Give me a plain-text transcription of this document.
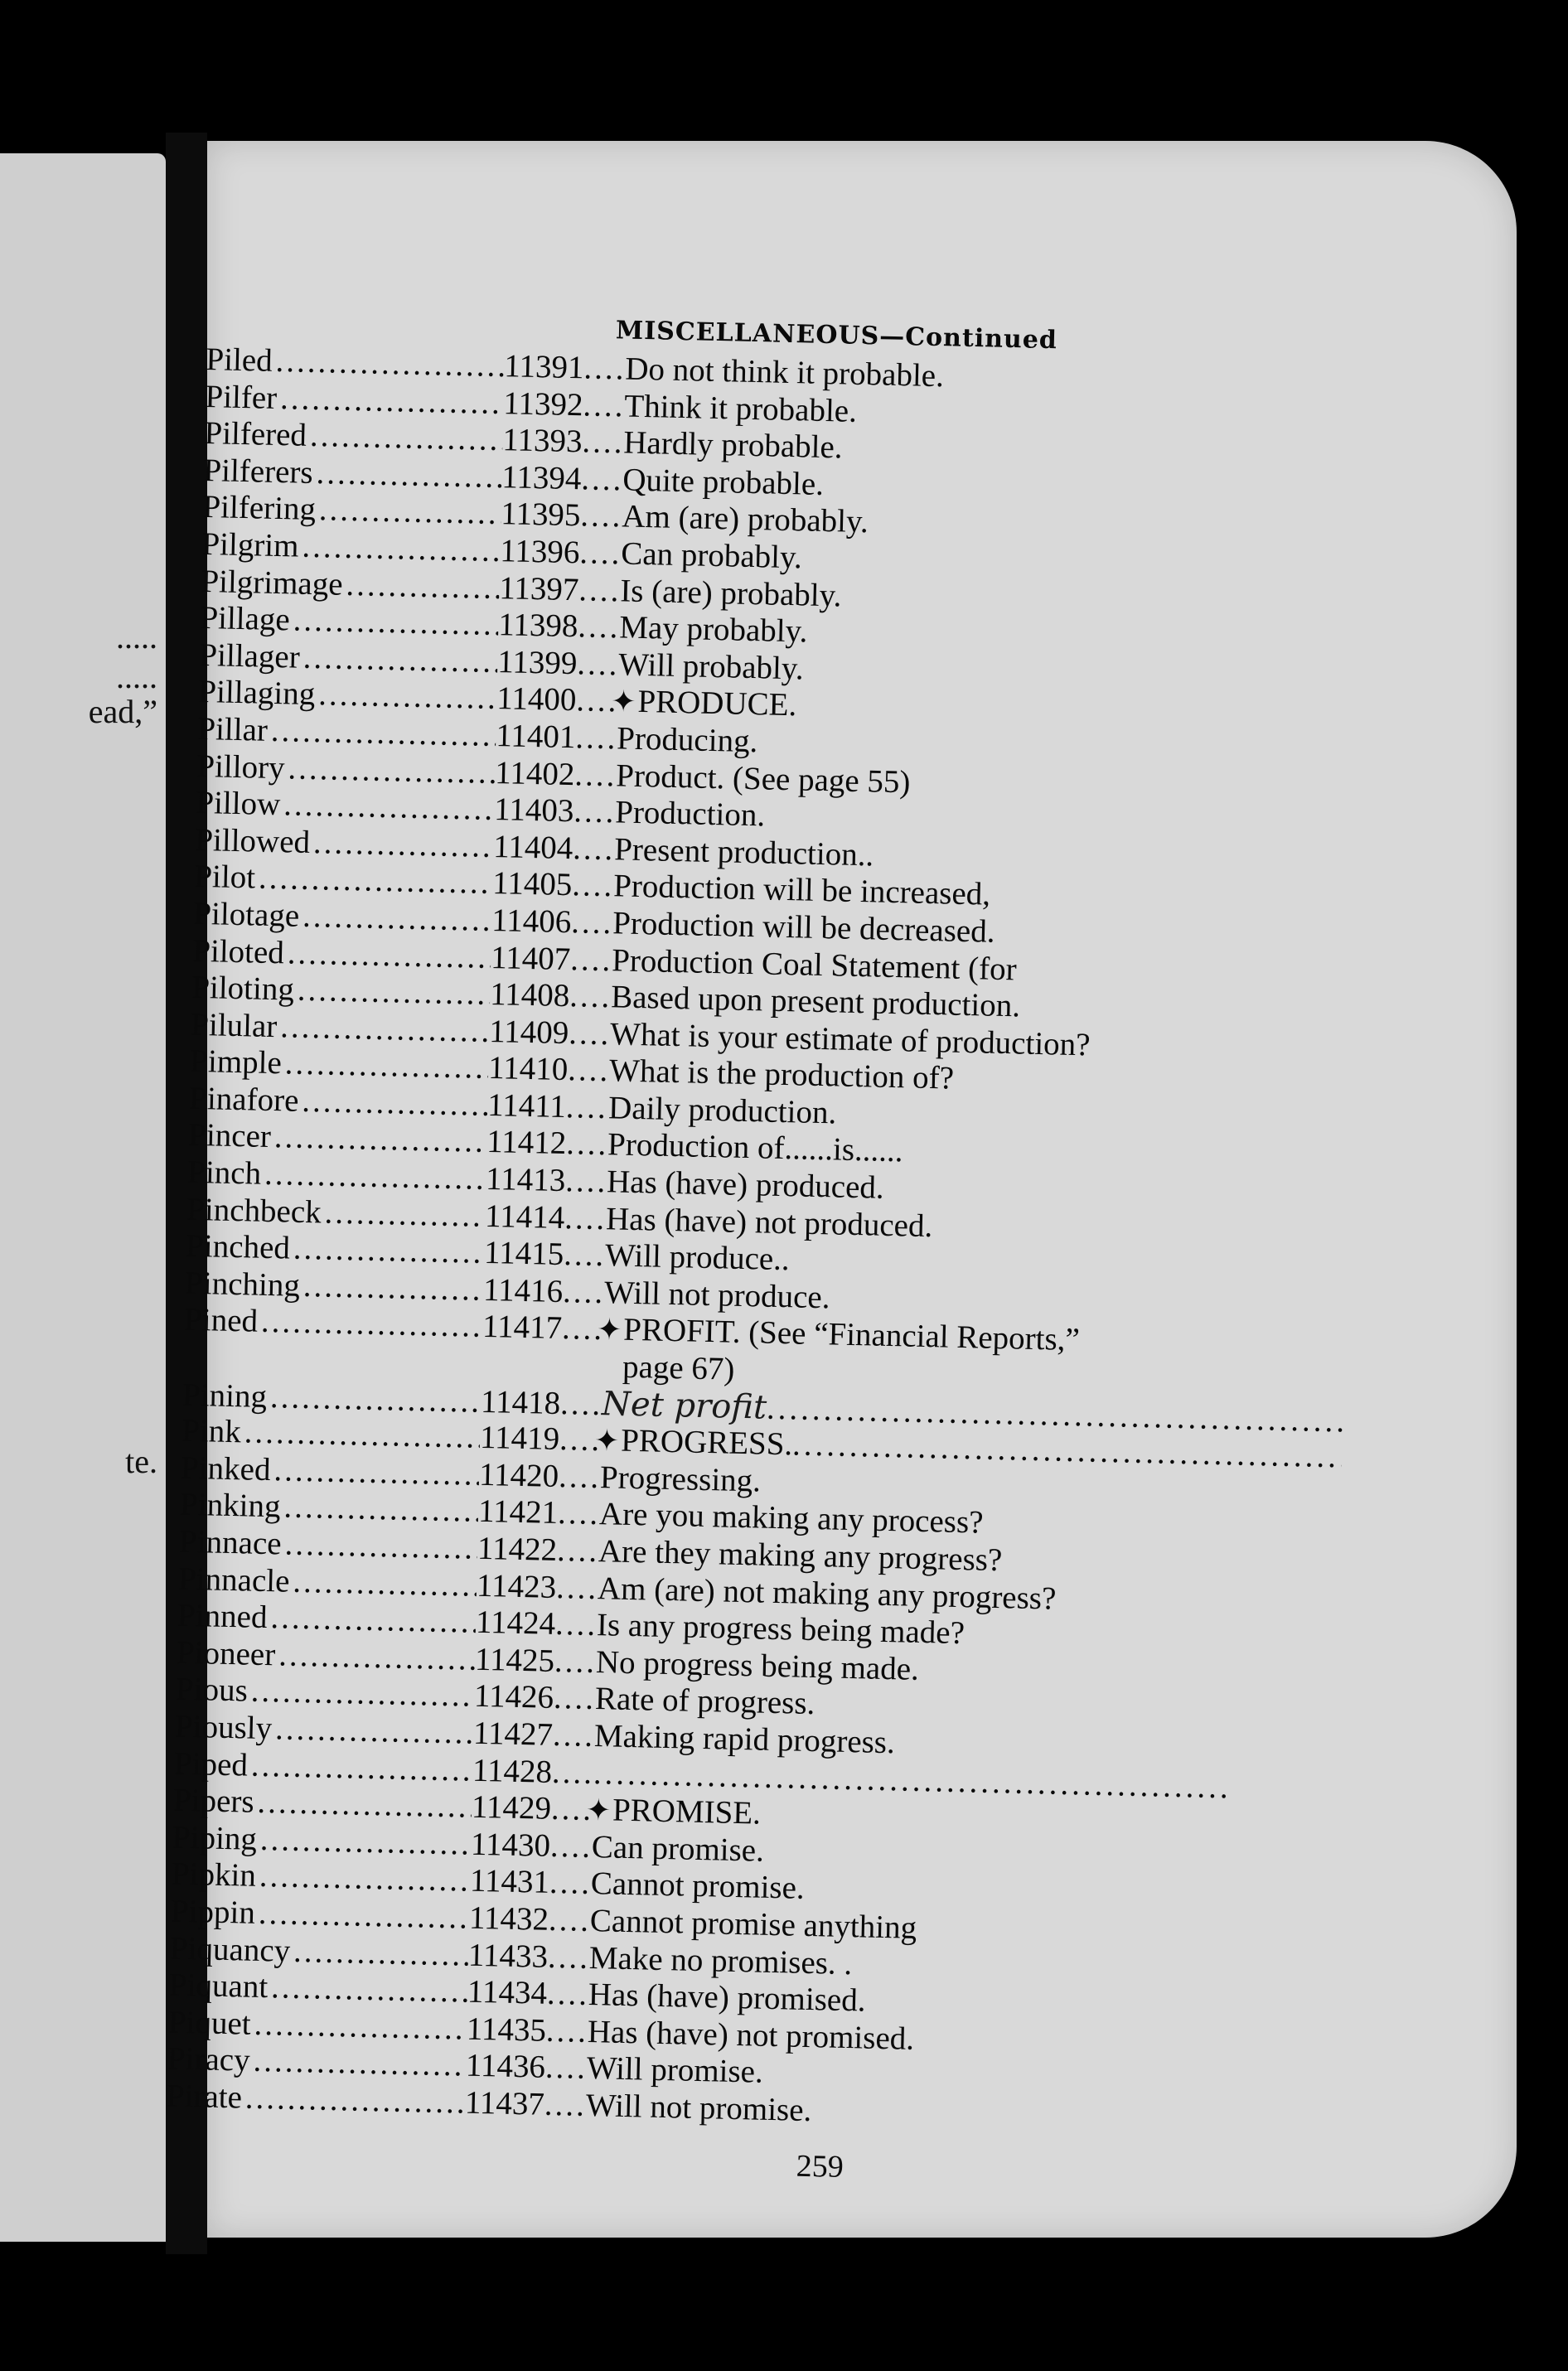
.....
.....
ead,”
te.
MISCELLANEOUS—Continued
Piled .....	11391 ........	Do not think it probable.
Pilfer .....	11392 ........	Think it probable.
Pilfered .....	11393 ........	Hardly probable.
Pilferers .....	11394 ........	Quite probable.
Pilfering .....	11395 ........	Am (are) probably.
Pilgrim .....	11396 ........	Can probably.
Pilgrimage .....	11397 ........	Is (are) probably.
Pillage .....	11398 ........	May probably.
Pillager .....	11399 ........	Will probably.
Pillaging .....	11400 ........	✦ PRODUCE.
Pillar .....	11401 ........	Producing.
Pillory .....	11402 ........	Product. (See page 55)
Pillow .....	11403 ........	Production.
Pillowed .....	11404 ........	Present production..
Pilot .....	11405 ........	Production will be increased,
Pilotage .....	11406 ........	Production will be decreased.
Piloted .....	11407 ........	Production Coal Statement (for
Piloting .....	11408 ........	Based upon present production.
Pilular .....	11409 ........	What is your estimate of production?
Pimple .....	11410 ........	What is the production of?
Pinafore .....	11411 ........	Daily production.
Pincer .....	11412 ........	Production of......is......
Pinch .....	11413 ........	Has (have) produced.
Pinchbeck .....	11414 ........	Has (have) not produced.
Pinched .....	11415 ........	Will produce..
Pinching .....	11416 ........	Will not produce.
Pined .....	11417 ........	✦ PROFIT. (See “Financial Reports,”
page 67)
Pining .....	11418 ........	Net profit
.....
Pink .....	11419 ........	✦ PROGRESS. .....
Pinked .....	11420 ........	Progressing.
Pinking .....	11421 ........	Are you making any process?
Pinnace .....	11422 ........	Are they making any progress?
Pinnacle .....	11423 ........	Am (are) not making any progress?
Pinned .....	11424 ........	Is any progress being made?
Pioneer .....	11425 ........	No progress being made.
Pious .....	11426 ........	Rate of progress.
Piously .....	11427 ........	Making rapid progress.
Piped .....	11428 ........
.....
Pipers .....	11429 ........	✦ PROMISE.
Piping .....	11430 ........	Can promise.
Pipkin .....	11431 ........	Cannot promise.
Pippin .....	11432 ........	Cannot promise anything
Piquancy .....	11433 ........	Make no promises. .
Piquant .....	11434 ........	Has (have) promised.
Piquet .....	11435 ........	Has (have) not promised.
Piracy .....	11436 ........	Will promise.
Pirate .....	11437 ........	Will not promise.
259
